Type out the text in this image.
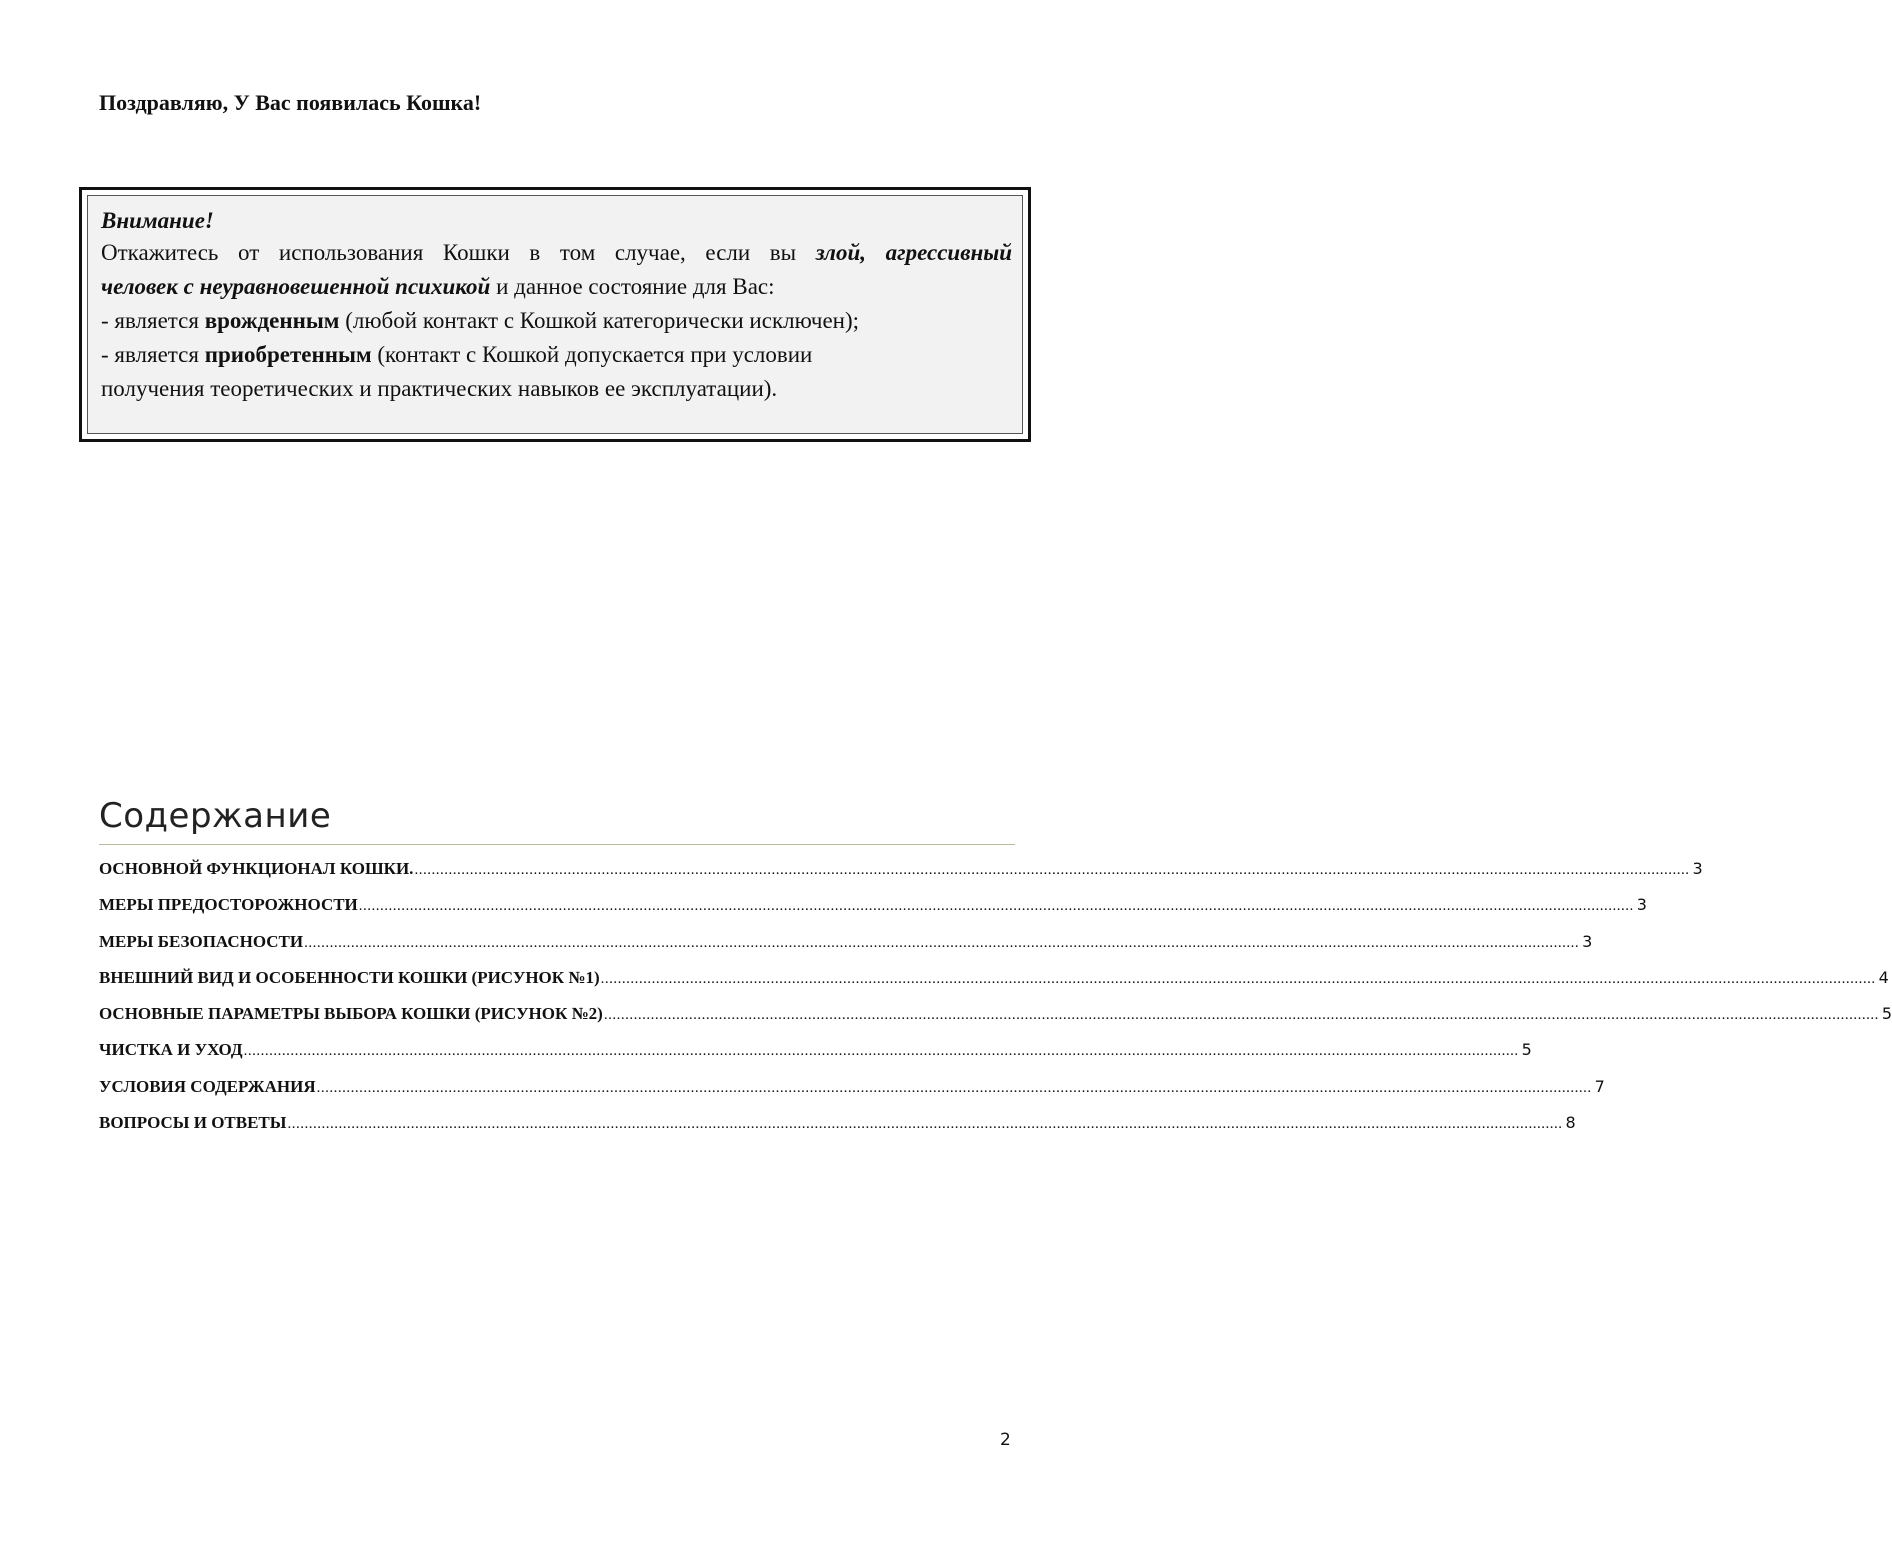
Поздравляю, У Вас появилась Кошка!
Внимание!
Откажитесь от использования Кошки в том случае, если вы злой, агрессивный
человек с неуравновешенной психикой и данное состояние для Вас:
- является врожденным (любой контакт с Кошкой категорически исключен);
- является приобретенным (контакт с Кошкой допускается при условии
получения теоретических и практических навыков ее эксплуатации).
Содержание
ОСНОВНОЙ ФУНКЦИОНАЛ КОШКИ. ............................................................................................................................................................................................................................................................................................................ 3
МЕРЫ ПРЕДОСТОРОЖНОСТИ ............................................................................................................................................................................................................................................................................................................ 3
МЕРЫ БЕЗОПАСНОСТИ ............................................................................................................................................................................................................................................................................................................ 3
ВНЕШНИЙ ВИД И ОСОБЕННОСТИ КОШКИ (РИСУНОК №1) ............................................................................................................................................................................................................................................................................................................ 4
ОСНОВНЫЕ ПАРАМЕТРЫ ВЫБОРА КОШКИ (РИСУНОК №2) ............................................................................................................................................................................................................................................................................................................ 5
ЧИСТКА И УХОД ............................................................................................................................................................................................................................................................................................................ 5
УСЛОВИЯ СОДЕРЖАНИЯ ............................................................................................................................................................................................................................................................................................................ 7
ВОПРОСЫ И ОТВЕТЫ ............................................................................................................................................................................................................................................................................................................ 8
2
